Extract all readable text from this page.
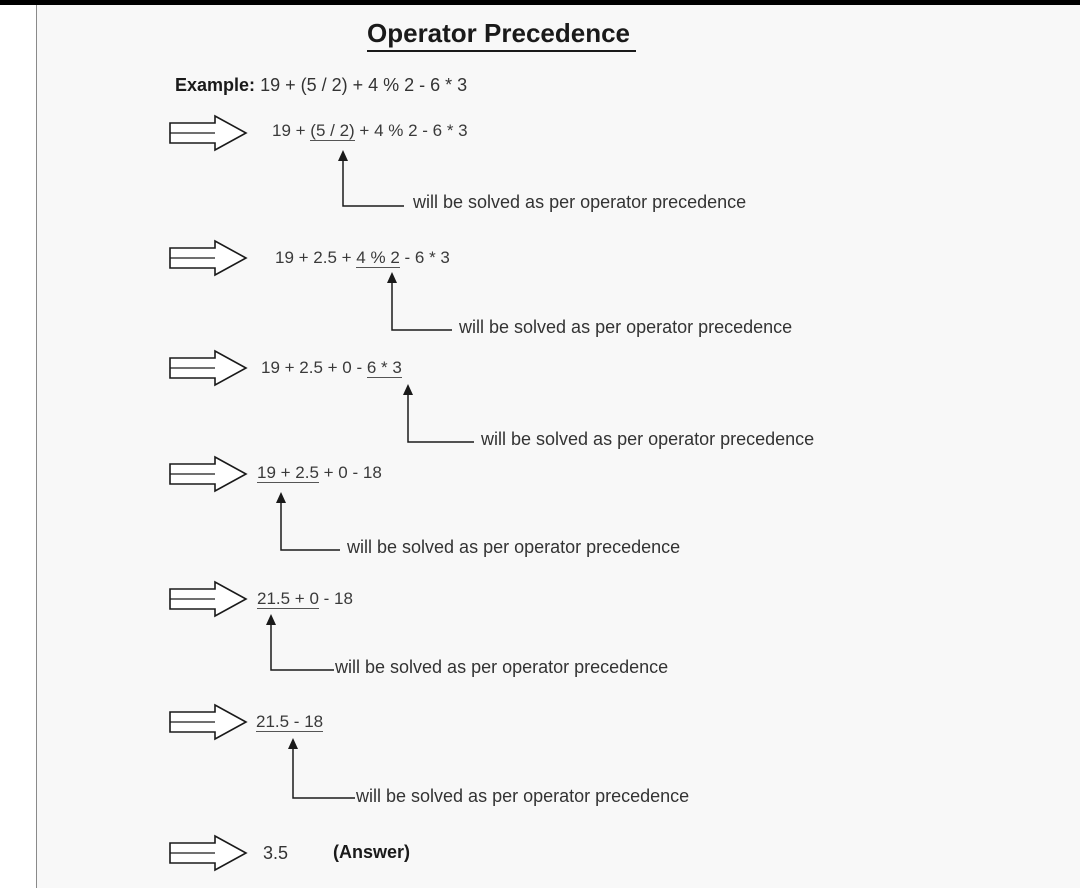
Operator Precedence
Example: 19 + (5 / 2) + 4 % 2 - 6 * 3
19 + (5 / 2) + 4 % 2 - 6 * 3
will be solved as per operator precedence
19 + 2.5 + 4 % 2 - 6 * 3
will be solved as per operator precedence
19 + 2.5 + 0 - 6 * 3
will be solved as per operator precedence
19 + 2.5 + 0 - 18
will be solved as per operator precedence
21.5 + 0 - 18
will be solved as per operator precedence
21.5 - 18
will be solved as per operator precedence
3.5 (Answer)
